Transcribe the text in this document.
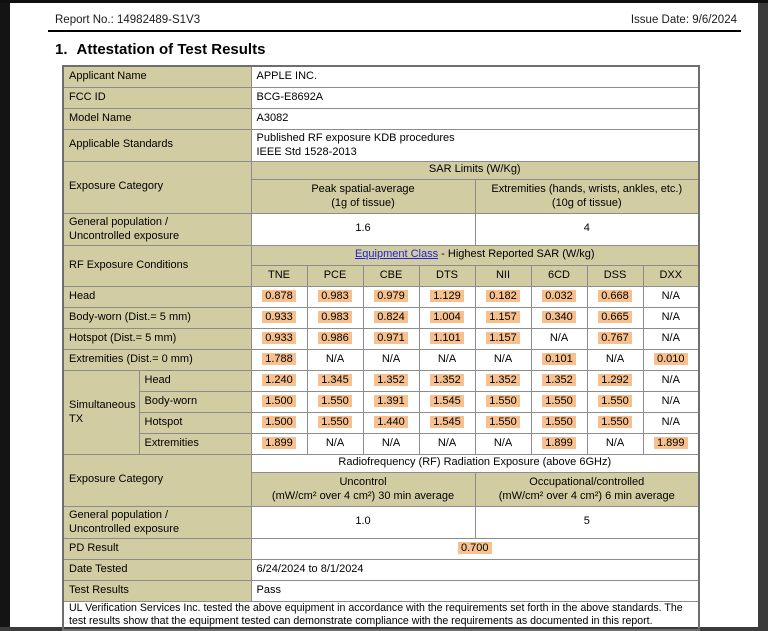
Report No.: 14982489-S1V3	Issue Date: 9/6/2024
1. Attestation of Test Results
Applicant Name		APPLE INC.							
FCC ID		BCG-E8692A							
Model Name		A3082							
Applicable Standards		Published RF exposure KDB procedures
IEEE Std 1528-2013							

Exposure Category		SAR Limits (W/Kg)							

Peak spatial-average
(1g of tissue)

Extremities (hands, wrists, ankles, etc.)
(10g of tissue)

General population /
Uncontrolled exposure		1.6				4			
RF Exposure Conditions		Equipment Class - Highest Reported SAR (W/kg)							
		TNE	PCE	CBE	DTS	NII	6CD	DSS	DXX
Head		0.878	0.983	0.979	1.129	0.182	0.032	0.668	N/A
Body-worn (Dist.= 5 mm)		0.933	0.983	0.824	1.004	1.157	0.340	0.665	N/A
Hotspot (Dist.= 5 mm)		0.933	0.986	0.971	1.101	1.157	N/A	0.767	N/A
Extremities (Dist.= 0 mm)		1.788	N/A	N/A	N/A	N/A	0.101	N/A	0.010

Simultaneous
TX	Head	1.240	1.345	1.352	1.352	1.352	1.352	1.292	N/A
	Body-worn	1.500	1.550	1.391	1.545	1.550	1.550	1.550	N/A
	Hotspot	1.500	1.550	1.440	1.545	1.550	1.550	1.550	N/A
	Extremities	1.899	N/A	N/A	N/A	N/A	1.899	N/A	1.899
Exposure Category		Radiofrequency (RF) Radiation Exposure (above 6GHz)							

Uncontrol
(mW/cm² over 4 cm²) 30 min average

Occupational/controlled
(mW/cm² over 4 cm²) 6 min average

General population /
Uncontrolled exposure		1.0				5			
PD Result		0.700							
Date Tested		6/24/2024 to 8/1/2024							
Test Results		Pass							
UL Verification Services Inc. tested the above equipment in accordance with the requirements set forth in the above standards. The test results show that the equipment tested can demonstrate compliance with the requirements as documented in this report.									
